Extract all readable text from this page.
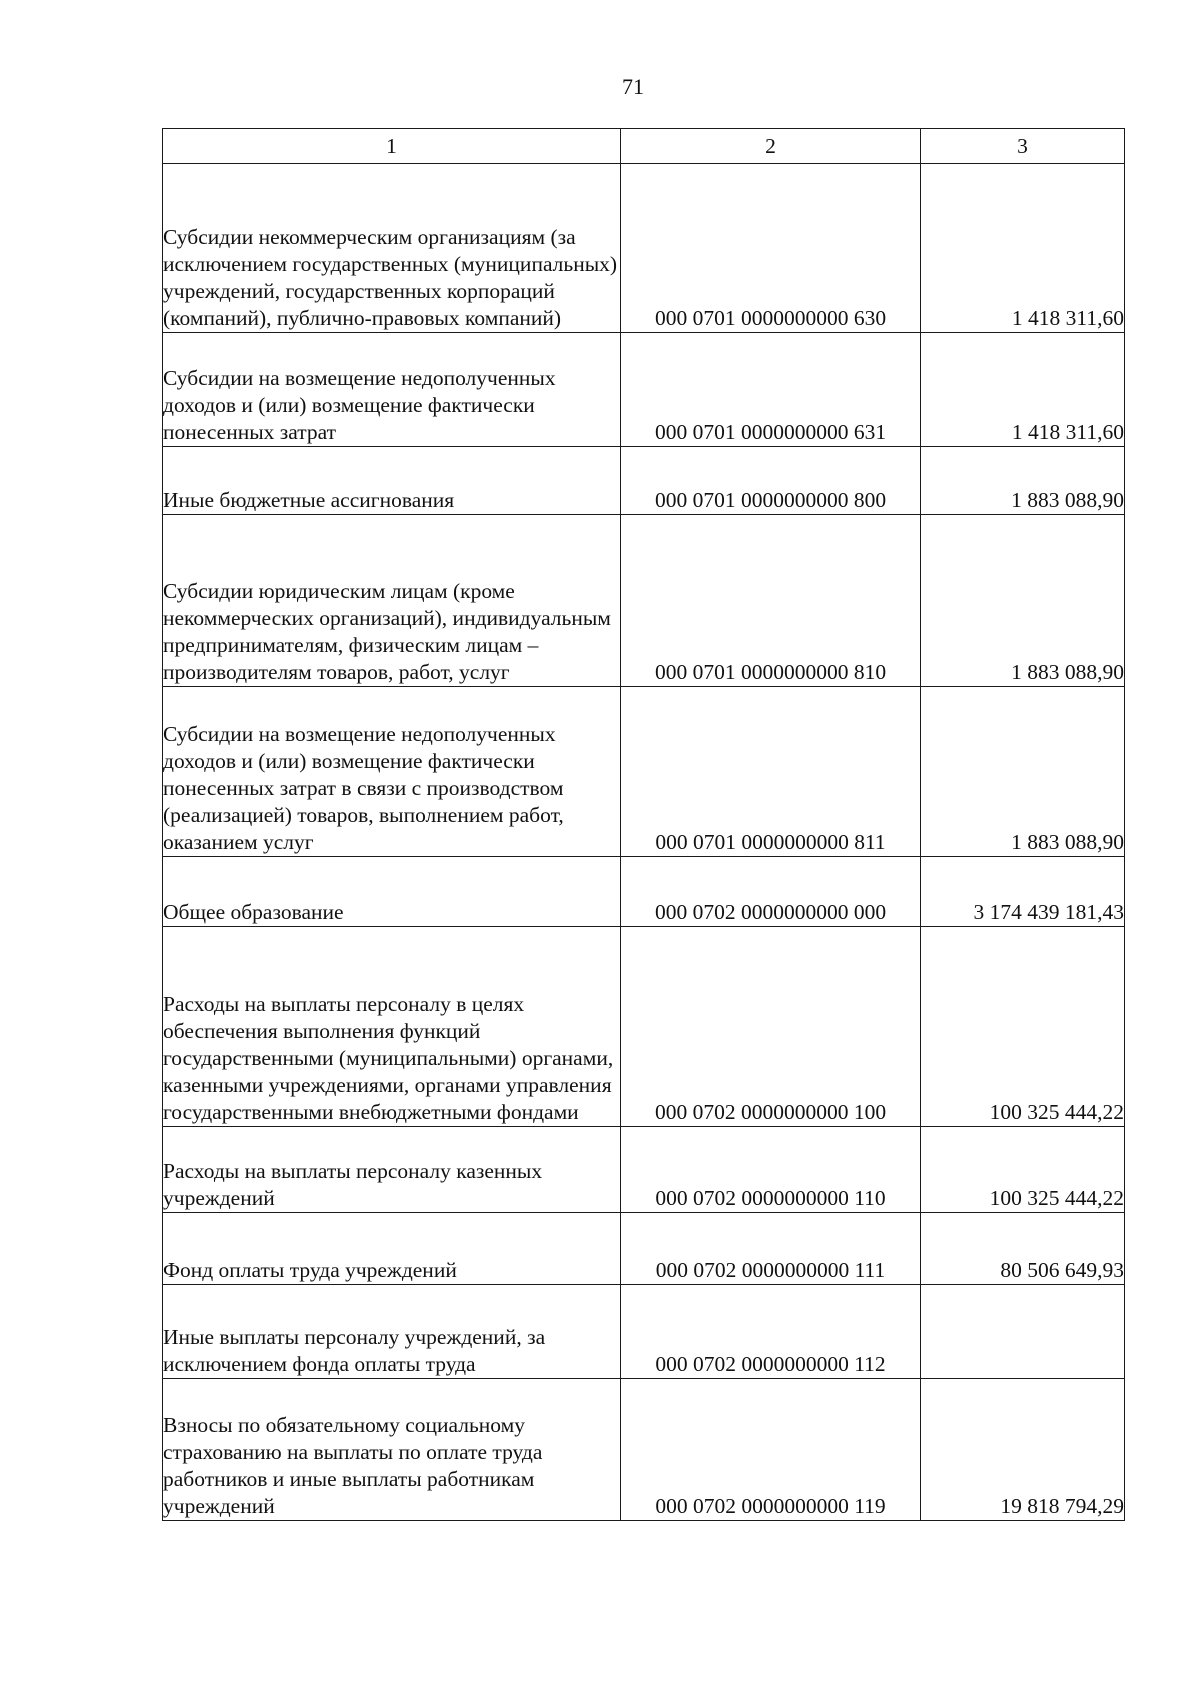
71
1	2	3
Субсидии некоммерческим организациям (за исключением государственных (муниципальных) учреждений, государственных корпораций (компаний), публично-правовых компаний)	000 0701 0000000000 630	1 418 311,60
Субсидии на возмещение недополученных доходов и (или) возмещение фактически понесенных затрат	000 0701 0000000000 631	1 418 311,60
Иные бюджетные ассигнования	000 0701 0000000000 800	1 883 088,90
Субсидии юридическим лицам (кроме некоммерческих организаций), индивидуальным предпринимателям, физическим лицам – производителям товаров, работ, услуг	000 0701 0000000000 810	1 883 088,90
Субсидии на возмещение недополученных доходов и (или) возмещение фактически понесенных затрат в связи с производством (реализацией) товаров, выполнением работ, оказанием услуг	000 0701 0000000000 811	1 883 088,90
Общее образование	000 0702 0000000000 000	3 174 439 181,43
Расходы на выплаты персоналу в целях обеспечения выполнения функций государственными (муниципальными) органами, казенными учреждениями, органами управления государственными внебюджетными фондами	000 0702 0000000000 100	100 325 444,22
Расходы на выплаты персоналу казенных учреждений	000 0702 0000000000 110	100 325 444,22
Фонд оплаты труда учреждений	000 0702 0000000000 111	80 506 649,93
Иные выплаты персоналу учреждений, за исключением фонда оплаты труда	000 0702 0000000000 112	
Взносы по обязательному социальному страхованию на выплаты по оплате труда работников и иные выплаты работникам учреждений	000 0702 0000000000 119	19 818 794,29
